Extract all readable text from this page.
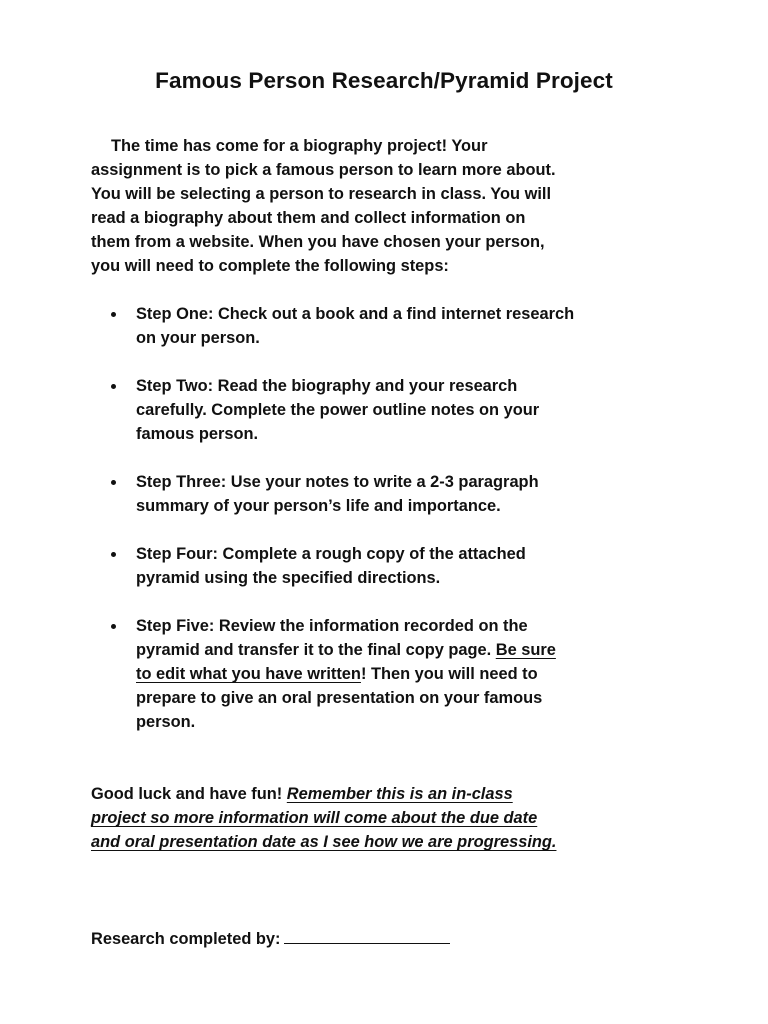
Famous Person Research/Pyramid Project
The time has come for a biography project! Your
assignment is to pick a famous person to learn more about.
You will be selecting a person to research in class. You will
read a biography about them and collect information on
them from a website. When you have chosen your person,
you will need to complete the following steps:
Step One: Check out a book and a find internet research
on your person.
Step Two: Read the biography and your research
carefully. Complete the power outline notes on your
famous person.
Step Three: Use your notes to write a 2-3 paragraph
summary of your person’s life and importance.
Step Four: Complete a rough copy of the attached
pyramid using the specified directions.
Step Five: Review the information recorded on the
pyramid and transfer it to the final copy page. Be sure
to edit what you have written! Then you will need to
prepare to give an oral presentation on your famous
person.
Good luck and have fun! Remember this is an in-class
project so more information will come about the due date
and oral presentation date as I see how we are progressing.
Research completed by:
